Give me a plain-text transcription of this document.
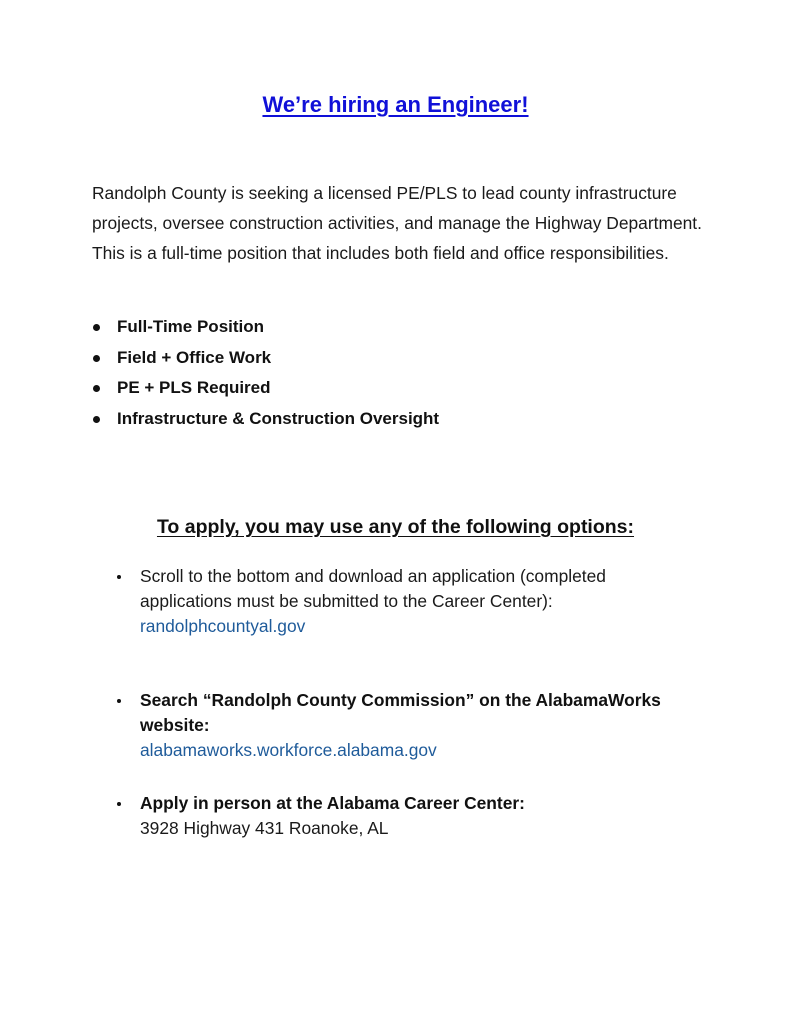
We’re hiring an Engineer!
Randolph County is seeking a licensed PE/PLS to lead county infrastructure projects, oversee construction activities, and manage the Highway Department. This is a full-time position that includes both field and office responsibilities.
Full-Time Position
Field + Office Work
PE + PLS Required
Infrastructure & Construction Oversight
To apply, you may use any of the following options:
Scroll to the bottom and download an application (completed applications must be submitted to the Career Center):
randolphcountyal.gov
Search “Randolph County Commission” on the AlabamaWorks website:
alabamaworks.workforce.alabama.gov
Apply in person at the Alabama Career Center:
3928 Highway 431 Roanoke, AL
